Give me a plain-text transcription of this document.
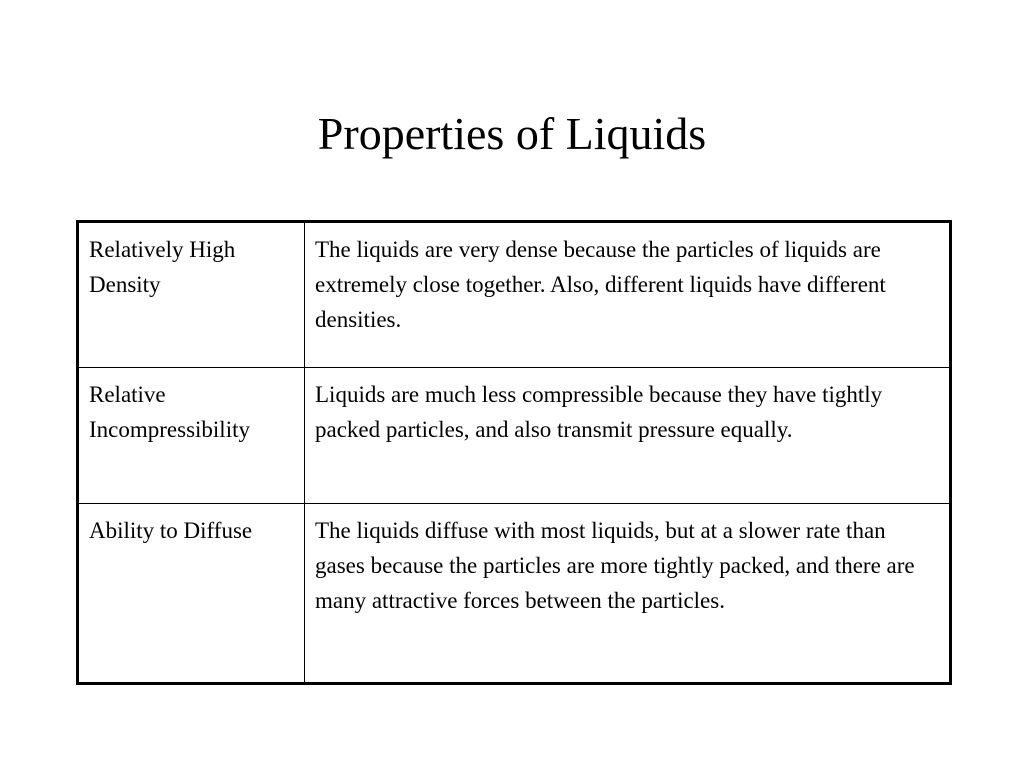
Properties of Liquids
Relatively High Density	The liquids are very dense because the particles of liquids are extremely close together. Also, different liquids have different densities.
Relative Incompressibility	Liquids are much less compressible because they have tightly packed particles, and also transmit pressure equally.
Ability to Diffuse	The liquids diffuse with most liquids, but at a slower rate than gases because the particles are more tightly packed, and there are many attractive forces between the particles.
